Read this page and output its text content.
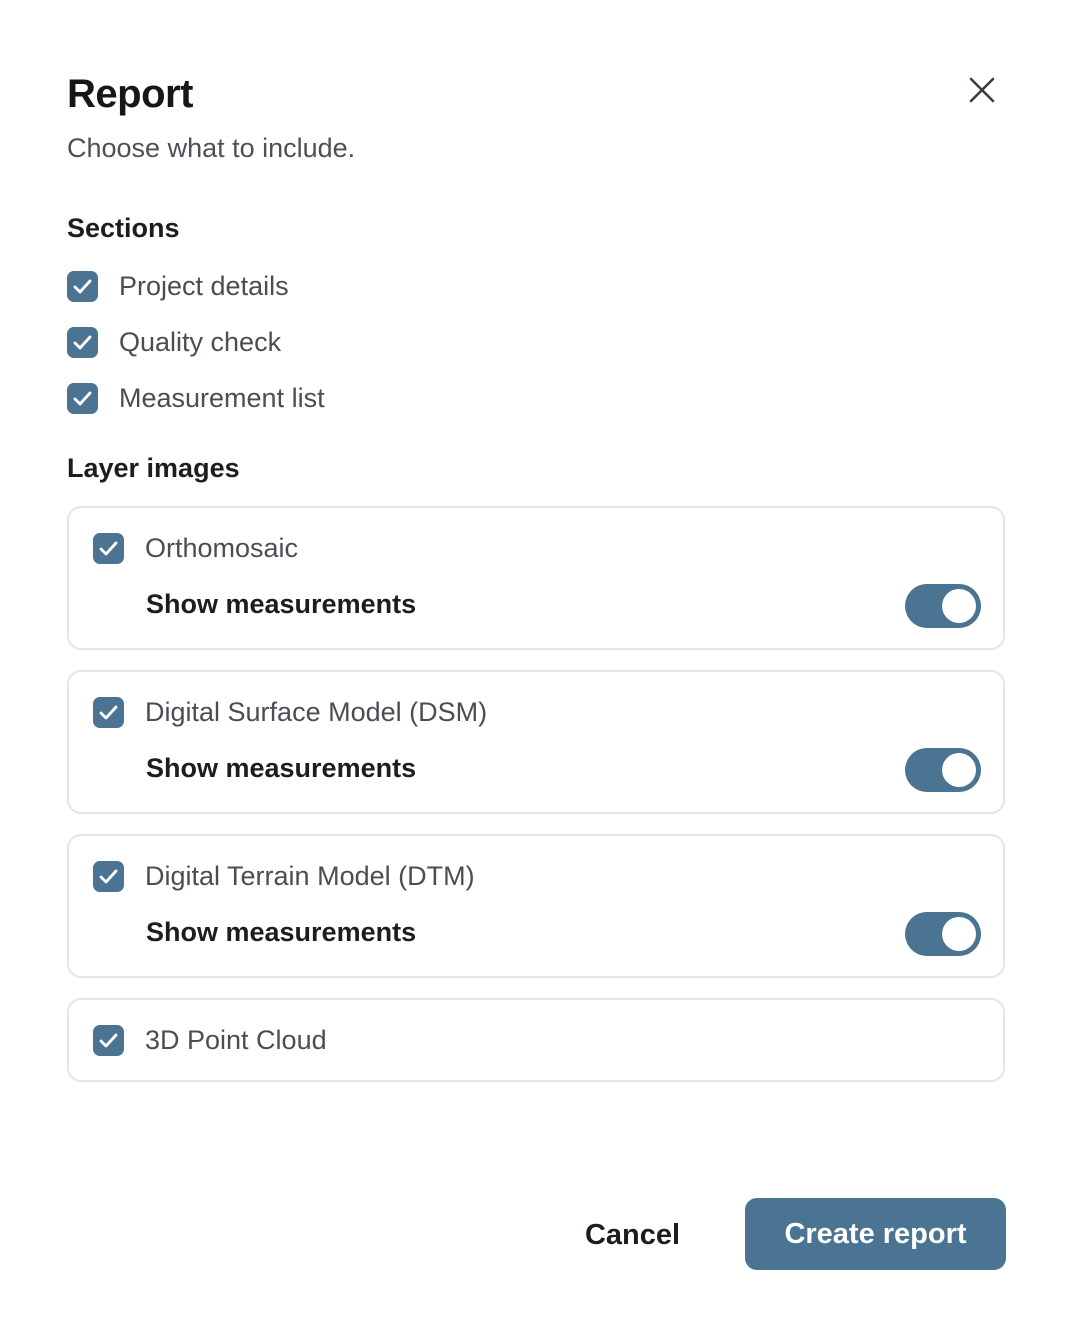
Report

Choose what to include.

Sections
Project details
Quality check
Measurement list
Layer images
Orthomosaic
Show measurements
Digital Surface Model (DSM)
Show measurements
Digital Terrain Model (DTM)
Show measurements
3D Point Cloud
Cancel	Create report
